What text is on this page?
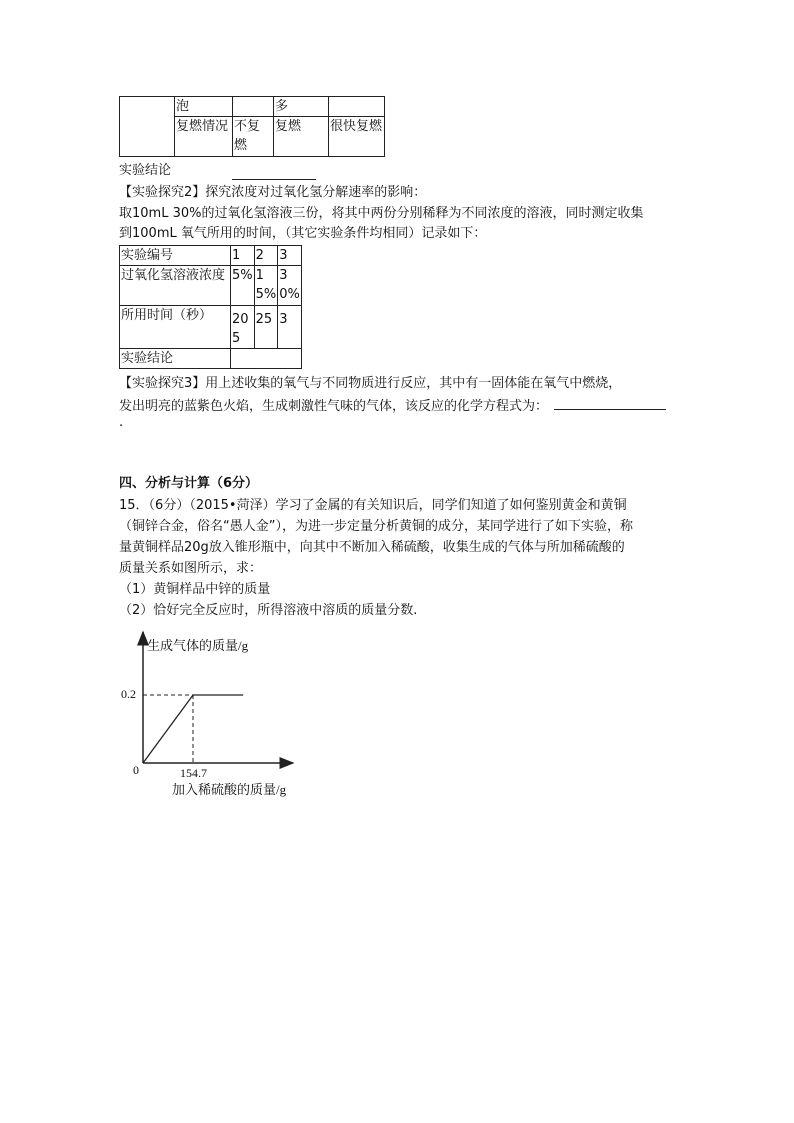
	泡		多	
	复燃情况	不复燃	复燃	很快复燃
实验结论
【实验探究2】探究浓度对过氧化氢分解速率的影响：
取10mL 30%的过氧化氢溶液三份，将其中两份分别稀释为不同浓度的溶液，同时测定收集
到100mL 氧气所用的时间，（其它实验条件均相同）记录如下：
实验编号	1	2	3
过氧化氢溶液浓度	5%	15%	30%
所用时间（秒）	205	25	3
实验结论			
【实验探究3】用上述收集的氧气与不同物质进行反应，其中有一固体能在氧气中燃烧，
发出明亮的蓝紫色火焰，生成刺激性气味的气体，该反应的化学方程式为：
.
四、分析与计算（6分）
15．（6分）（2015•菏泽）学习了金属的有关知识后，同学们知道了如何鉴别黄金和黄铜
（铜锌合金，俗名“愚人金”），为进一步定量分析黄铜的成分，某同学进行了如下实验，称
量黄铜样品20g放入锥形瓶中，向其中不断加入稀硫酸，收集生成的气体与所加稀硫酸的
质量关系如图所示，求：
（1）黄铜样品中锌的质量
（2）恰好完全反应时，所得溶液中溶质的质量分数.
生成气体的质量/g
加入稀硫酸的质量/g
0
0.2
154.7
